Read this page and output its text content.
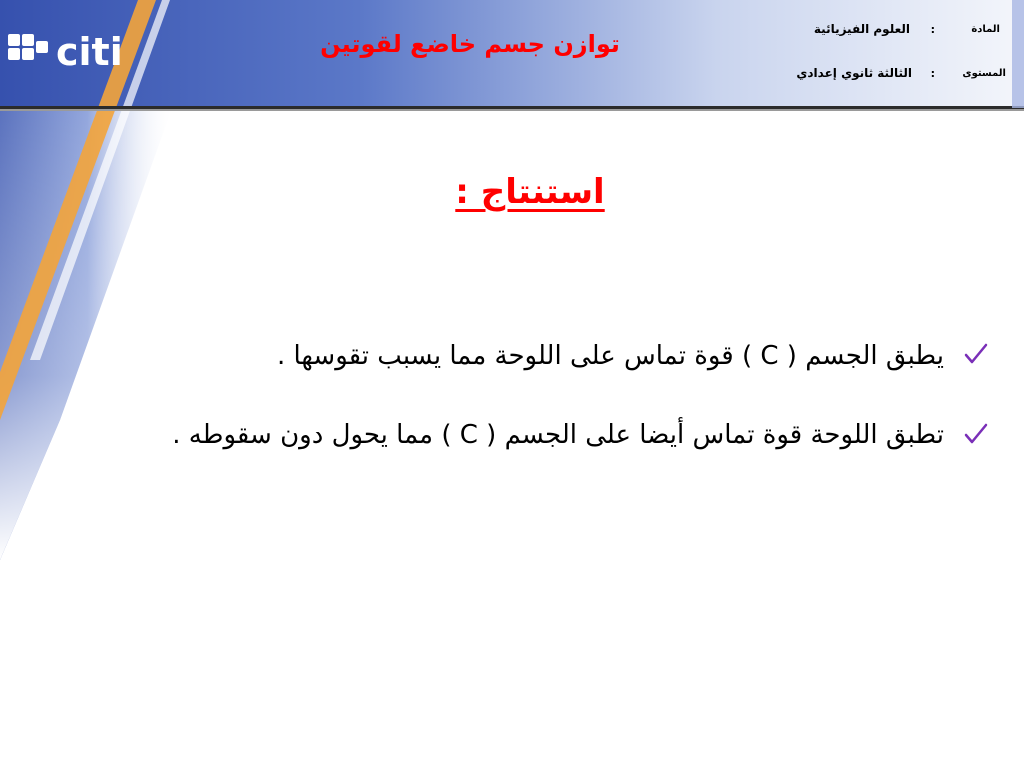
citi	توازن جسم خاضع لقوتين
المادة
:
العلوم الفيزيائية
المستوى
:
الثالثة ثانوي إعدادي
استنتاج :
يطبق الجسم ( C ) قوة تماس على اللوحة مما يسبب تقوسها .
تطبق اللوحة قوة تماس أيضا على الجسم ( C ) مما يحول دون سقوطه .
